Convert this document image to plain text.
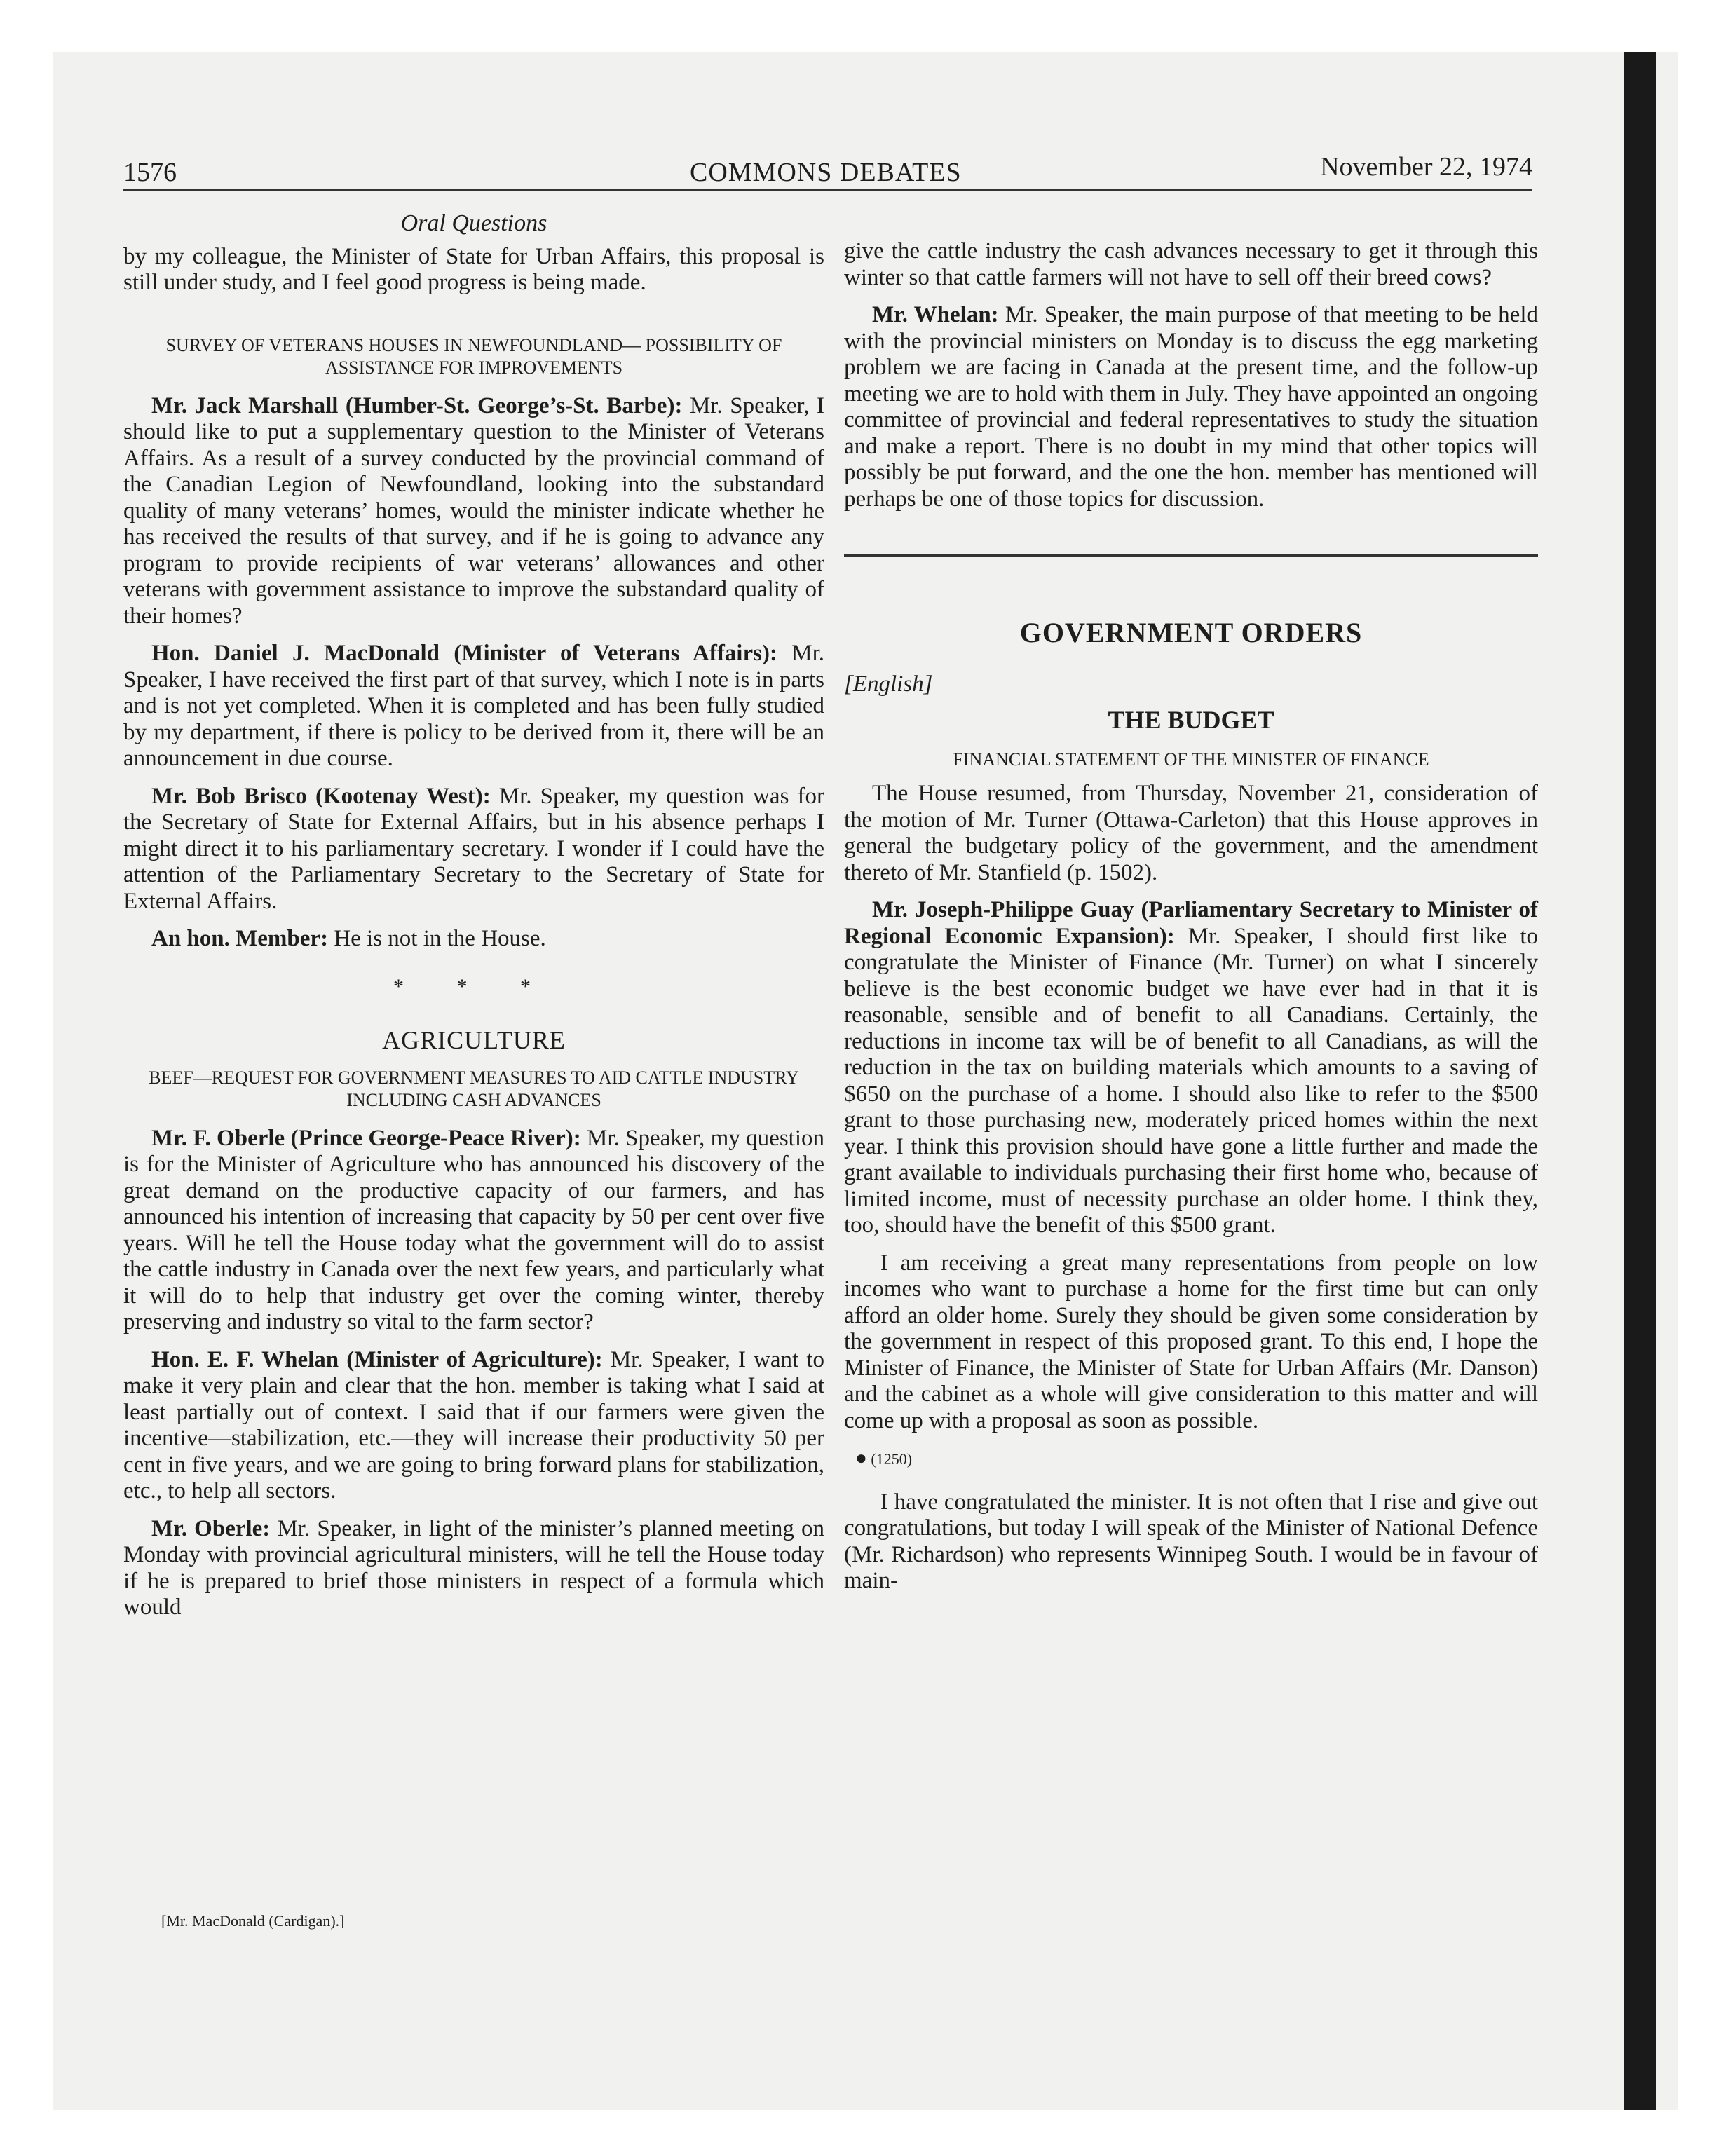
1576	COMMONS DEBATES	November 22, 1974
Oral Questions

by my colleague, the Minister of State for Urban Affairs, this proposal is still under study, and I feel good progress is being made.

SURVEY OF VETERANS HOUSES IN NEWFOUNDLAND— POSSIBILITY OF ASSISTANCE FOR IMPROVEMENTS

Mr. Jack Marshall (Humber-St. George’s-St. Barbe): Mr. Speaker, I should like to put a supplementary question to the Minister of Veterans Affairs. As a result of a survey conducted by the provincial command of the Canadian Legion of Newfoundland, looking into the substandard quality of many veterans’ homes, would the minister indicate whether he has received the results of that survey, and if he is going to advance any program to provide recipients of war veterans’ allowances and other veterans with government assistance to improve the substandard quality of their homes?

Hon. Daniel J. MacDonald (Minister of Veterans Affairs): Mr. Speaker, I have received the first part of that survey, which I note is in parts and is not yet completed. When it is completed and has been fully studied by my department, if there is policy to be derived from it, there will be an announcement in due course.

Mr. Bob Brisco (Kootenay West): Mr. Speaker, my question was for the Secretary of State for External Affairs, but in his absence perhaps I might direct it to his parliamentary secretary. I wonder if I could have the attention of the Parliamentary Secretary to the Secretary of State for External Affairs.

An hon. Member: He is not in the House.

* * *
AGRICULTURE
BEEF—REQUEST FOR GOVERNMENT MEASURES TO AID CATTLE INDUSTRY INCLUDING CASH ADVANCES

Mr. F. Oberle (Prince George-Peace River): Mr. Speaker, my question is for the Minister of Agriculture who has announced his discovery of the great demand on the productive capacity of our farmers, and has announced his intention of increasing that capacity by 50 per cent over five years. Will he tell the House today what the government will do to assist the cattle industry in Canada over the next few years, and particularly what it will do to help that industry get over the coming winter, thereby preserving and industry so vital to the farm sector?

Hon. E. F. Whelan (Minister of Agriculture): Mr. Speaker, I want to make it very plain and clear that the hon. member is taking what I said at least partially out of context. I said that if our farmers were given the incentive—stabilization, etc.—they will increase their productivity 50 per cent in five years, and we are going to bring forward plans for stabilization, etc., to help all sectors.

Mr. Oberle: Mr. Speaker, in light of the minister’s planned meeting on Monday with provincial agricultural ministers, will he tell the House today if he is prepared to brief those ministers in respect of a formula which would

[Mr. MacDonald (Cardigan).]

give the cattle industry the cash advances necessary to get it through this winter so that cattle farmers will not have to sell off their breed cows?

Mr. Whelan: Mr. Speaker, the main purpose of that meeting to be held with the provincial ministers on Monday is to discuss the egg marketing problem we are facing in Canada at the present time, and the follow-up meeting we are to hold with them in July. They have appointed an ongoing committee of provincial and federal representatives to study the situation and make a report. There is no doubt in my mind that other topics will possibly be put forward, and the one the hon. member has mentioned will perhaps be one of those topics for discussion.

GOVERNMENT ORDERS

[English]

THE BUDGET
FINANCIAL STATEMENT OF THE MINISTER OF FINANCE

The House resumed, from Thursday, November 21, consideration of the motion of Mr. Turner (Ottawa-Carleton) that this House approves in general the budgetary policy of the government, and the amendment thereto of Mr. Stanfield (p. 1502).

Mr. Joseph-Philippe Guay (Parliamentary Secretary to Minister of Regional Economic Expansion): Mr. Speaker, I should first like to congratulate the Minister of Finance (Mr. Turner) on what I sincerely believe is the best economic budget we have ever had in that it is reasonable, sensible and of benefit to all Canadians. Certainly, the reductions in income tax will be of benefit to all Canadians, as will the reduction in the tax on building materials which amounts to a saving of $650 on the purchase of a home. I should also like to refer to the $500 grant to those purchasing new, moderately priced homes within the next year. I think this provision should have gone a little further and made the grant available to individuals purchasing their first home who, because of limited income, must of necessity purchase an older home. I think they, too, should have the benefit of this $500 grant.

I am receiving a great many representations from people on low incomes who want to purchase a home for the first time but can only afford an older home. Surely they should be given some consideration by the government in respect of this proposed grant. To this end, I hope the Minister of Finance, the Minister of State for Urban Affairs (Mr. Danson) and the cabinet as a whole will give consideration to this matter and will come up with a proposal as soon as possible.

● (1250)

I have congratulated the minister. It is not often that I rise and give out congratulations, but today I will speak of the Minister of National Defence (Mr. Richardson) who represents Winnipeg South. I would be in favour of main-
